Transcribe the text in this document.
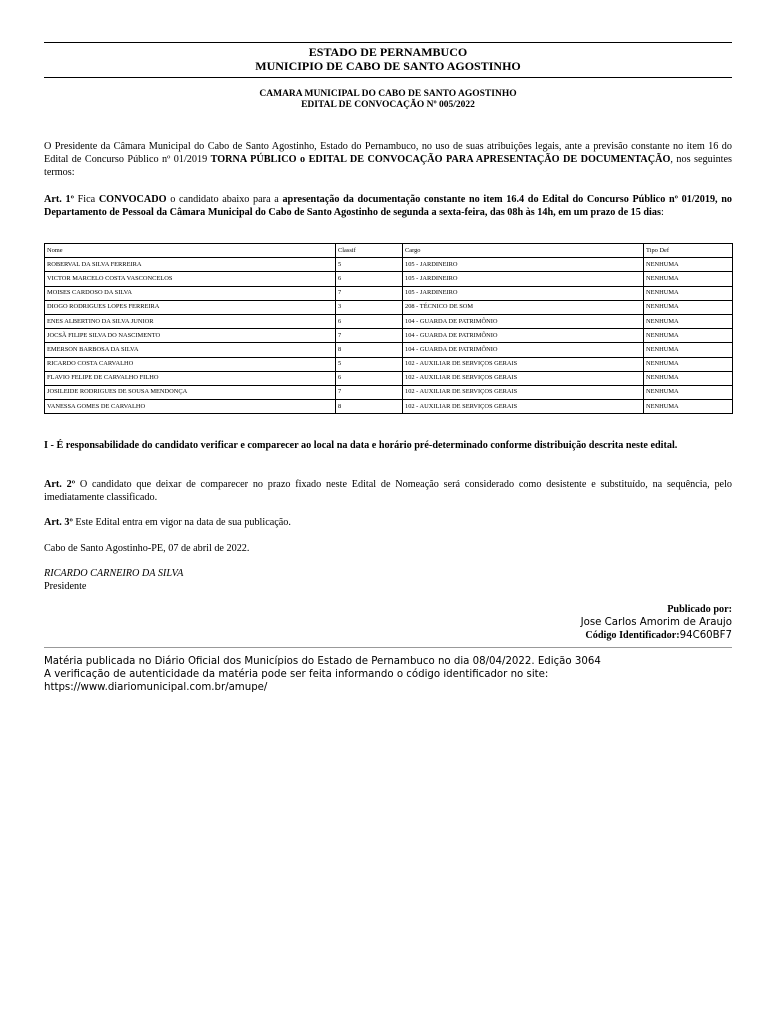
ESTADO DE PERNAMBUCO
MUNICIPIO DE CABO DE SANTO AGOSTINHO
CAMARA MUNICIPAL DO CABO DE SANTO AGOSTINHO
EDITAL DE CONVOCAÇÃO Nº 005/2022

O Presidente da Câmara Municipal do Cabo de Santo Agostinho, Estado do Pernambuco, no uso de suas atribuições legais, ante a previsão constante no item 16 do Edital de Concurso Público nº 01/2019 TORNA PÚBLICO o EDITAL DE CONVOCAÇÃO PARA APRESENTAÇÃO DE DOCUMENTAÇÃO, nos seguintes termos:

Art. 1º Fica CONVOCADO o candidato abaixo para a apresentação da documentação constante no item 16.4 do Edital do Concurso Público nº 01/2019, no Departamento de Pessoal da Câmara Municipal do Cabo de Santo Agostinho de segunda a sexta-feira, das 08h às 14h, em um prazo de 15 dias:

Nome	Classif	Cargo	Tipo Def
ROBERVAL DA SILVA FERREIRA	5	105 - JARDINEIRO	NENHUMA
VICTOR MARCELO COSTA VASCONCELOS	6	105 - JARDINEIRO	NENHUMA
MOISES CARDOSO DA SILVA	7	105 - JARDINEIRO	NENHUMA
DIOGO RODRIGUES LOPES FERREIRA	3	208 - TÉCNICO DE SOM	NENHUMA
ENES ALBERTINO DA SILVA JUNIOR	6	104 - GUARDA DE PATRIMÔNIO	NENHUMA
JOCSÃ FILIPE SILVA DO NASCIMENTO	7	104 - GUARDA DE PATRIMÔNIO	NENHUMA
EMERSON BARBOSA DA SILVA	8	104 - GUARDA DE PATRIMÔNIO	NENHUMA
RICARDO COSTA CARVALHO	5	102 - AUXILIAR DE SERVIÇOS GERAIS	NENHUMA
FLAVIO FELIPE DE CARVALHO FILHO	6	102 - AUXILIAR DE SERVIÇOS GERAIS	NENHUMA
JOSILEIDE RODRIGUES DE SOUSA MENDONÇA	7	102 - AUXILIAR DE SERVIÇOS GERAIS	NENHUMA
VANESSA GOMES DE CARVALHO	8	102 - AUXILIAR DE SERVIÇOS GERAIS	NENHUMA

I - É responsabilidade do candidato verificar e comparecer ao local na data e horário pré-determinado conforme distribuição descrita neste edital.

Art. 2º O candidato que deixar de comparecer no prazo fixado neste Edital de Nomeação será considerado como desistente e substituído, na sequência, pelo imediatamente classificado.

Art. 3º Este Edital entra em vigor na data de sua publicação.

Cabo de Santo Agostinho-PE, 07 de abril de 2022.

RICARDO CARNEIRO DA SILVA

Presidente

Publicado por:
Jose Carlos Amorim de Araujo
Código Identificador:94C60BF7
Matéria publicada no Diário Oficial dos Municípios do Estado de Pernambuco no dia 08/04/2022. Edição 3064
A verificação de autenticidade da matéria pode ser feita informando o código identificador no site:
https://www.diariomunicipal.com.br/amupe/
